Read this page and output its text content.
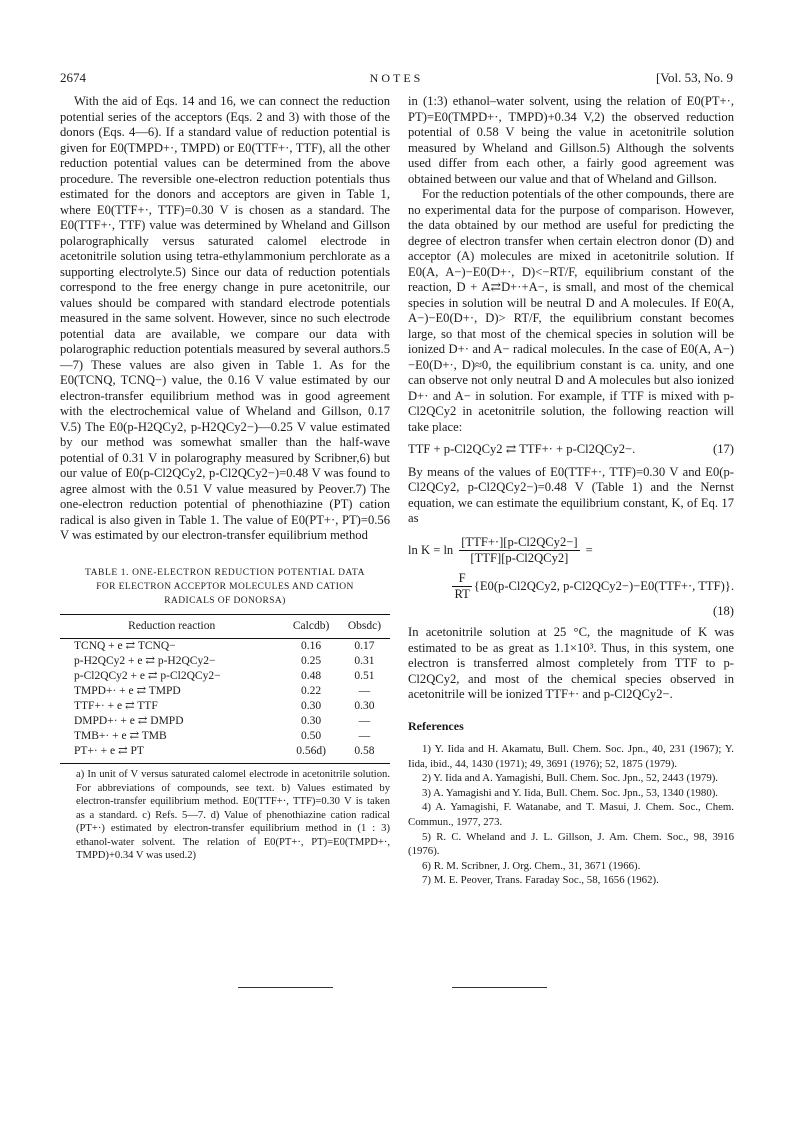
2674	NOTES	[Vol. 53, No. 9

With the aid of Eqs. 14 and 16, we can connect the reduction potential series of the acceptors (Eqs. 2 and 3) with those of the donors (Eqs. 4—6). If a standard value of reduction potential is given for E0(TMPD+·, TMPD) or E0(TTF+·, TTF), all the other reduction potential values can be determined from the above procedure. The reversible one-electron reduction potentials thus estimated for the donors and acceptors are given in Table 1, where E0(TTF+·, TTF)=0.30 V is chosen as a standard. The E0(TTF+·, TTF) value was determined by Wheland and Gillson polarographically versus saturated calomel electrode in acetonitrile solution using tetra-ethylammonium perchlorate as a supporting electrolyte.5) Since our data of reduction potentials correspond to the free energy change in pure acetonitrile, our values should be compared with standard electrode potentials measured in the same solvent. However, since no such electrode potential data are available, we compare our data with polarographic reduction potentials measured by several authors.5—7) These values are also given in Table 1. As for the E0(TCNQ, TCNQ−) value, the 0.16 V value estimated by our electron-transfer equilibrium method was in good agreement with the electrochemical value of Wheland and Gillson, 0.17 V.5) The E0(p-H2QCy2, p-H2QCy2−)—0.25 V value estimated by our method was somewhat smaller than the half-wave potential of 0.31 V in polarography measured by Scribner,6) but our value of E0(p-Cl2QCy2, p-Cl2QCy2−)=0.48 V was found to agree almost with the 0.51 V value measured by Peover.7) The one-electron reduction potential of phenothiazine (PT) cation radical is also given in Table 1. The value of E0(PT+·, PT)=0.56 V was estimated by our electron-transfer equilibrium method

TABLE 1. ONE-ELECTRON REDUCTION POTENTIAL DATA
FOR ELECTRON ACCEPTOR MOLECULES AND CATION
RADICALS OF DONORSA)
Reduction reaction	Calcdb)	Obsdc)
TCNQ + e ⇄ TCNQ−	0.16	0.17
p-H2QCy2 + e ⇄ p-H2QCy2−	0.25	0.31
p-Cl2QCy2 + e ⇄ p-Cl2QCy2−	0.48	0.51
TMPD+· + e ⇄ TMPD	0.22	—
TTF+· + e ⇄ TTF	0.30	0.30
DMPD+· + e ⇄ DMPD	0.30	—
TMB+· + e ⇄ TMB	0.50	—
PT+· + e ⇄ PT	0.56d)	0.58
a) In unit of V versus saturated calomel electrode in acetonitrile solution. For abbreviations of compounds, see text. b) Values estimated by electron-transfer equilibrium method. E0(TTF+·, TTF)=0.30 V is taken as a standard. c) Refs. 5—7. d) Value of phenothiazine cation radical (PT+·) estimated by electron-transfer equilibrium method in (1 : 3) ethanol-water solvent. The relation of E0(PT+·, PT)=E0(TMPD+·, TMPD)+0.34 V was used.2)

in (1:3) ethanol–water solvent, using the relation of E0(PT+·, PT)=E0(TMPD+·, TMPD)+0.34 V,2) the observed reduction potential of 0.58 V being the value in acetonitrile solution measured by Wheland and Gillson.5) Although the solvents used differ from each other, a fairly good agreement was obtained between our value and that of Wheland and Gillson.

For the reduction potentials of the other compounds, there are no experimental data for the purpose of comparison. However, the data obtained by our method are useful for predicting the degree of electron transfer when certain electron donor (D) and acceptor (A) molecules are mixed in acetonitrile solution. If E0(A, A−)−E0(D+·, D)<−RT/F, equilibrium constant of the reaction, D + A⇄D+·+A−, is small, and most of the chemical species in solution will be neutral D and A molecules. If E0(A, A−)−E0(D+·, D)> RT/F, the equilibrium constant becomes large, so that most of the chemical species in solution will be ionized D+· and A− radical molecules. In the case of E0(A, A−)−E0(D+·, D)≈0, the equilibrium constant is ca. unity, and one can observe not only neutral D and A molecules but also ionized D+· and A− in solution. For example, if TTF is mixed with p-Cl2QCy2 in acetonitrile solution, the following reaction will take place:

TTF + p-Cl2QCy2 ⇄ TTF+· + p-Cl2QCy2−.	(17)

By means of the values of E0(TTF+·, TTF)=0.30 V and E0(p-Cl2QCy2, p-Cl2QCy2−)=0.48 V (Table 1) and the Nernst equation, we can estimate the equilibrium constant, K, of Eq. 17 as

$\ln K = \ln \frac{\text{[TTF+·][p-Cl2QCy2−]}}{\text{[TTF][p-Cl2QCy2]}}$ =
$\frac{F}{RT} \{E0(p-Cl2QCy2$, p-Cl2QCy2−)−E0(TTF+·, TTF)}.
(18)

In acetonitrile solution at 25 °C, the magnitude of K was estimated to be as great as 1.1×10³. Thus, in this system, one electron is transferred almost completely from TTF to p-Cl2QCy2, and most of the chemical species observed in acetonitrile will be ionized TTF+· and p-Cl2QCy2−.

References
1) Y. Iida and H. Akamatu, Bull. Chem. Soc. Jpn., 40, 231 (1967); Y. Iida, ibid., 44, 1430 (1971); 49, 3691 (1976); 52, 1875 (1979).
2) Y. Iida and A. Yamagishi, Bull. Chem. Soc. Jpn., 52, 2443 (1979).
3) A. Yamagishi and Y. Iida, Bull. Chem. Soc. Jpn., 53, 1340 (1980).
4) A. Yamagishi, F. Watanabe, and T. Masui, J. Chem. Soc., Chem. Commun., 1977, 273.
5) R. C. Wheland and J. L. Gillson, J. Am. Chem. Soc., 98, 3916 (1976).
6) R. M. Scribner, J. Org. Chem., 31, 3671 (1966).
7) M. E. Peover, Trans. Faraday Soc., 58, 1656 (1962).
